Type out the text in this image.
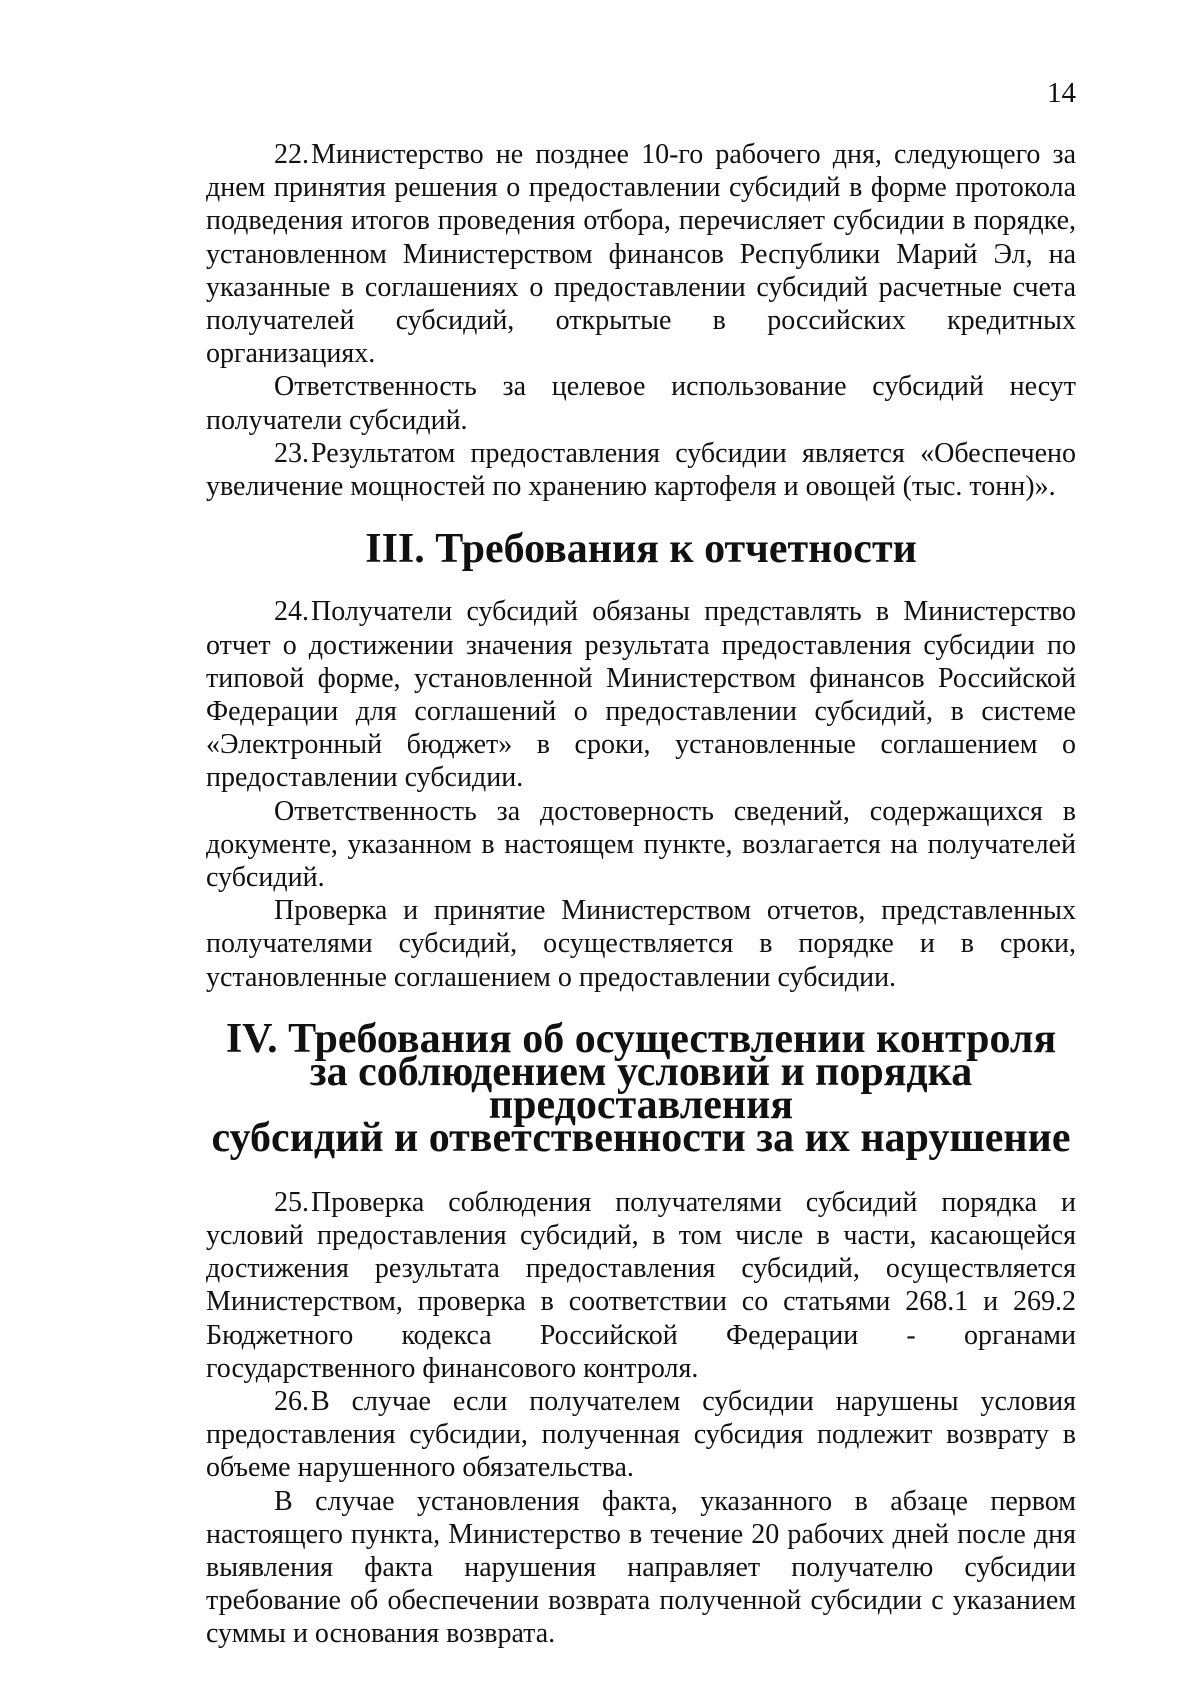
14

22.Министерство не позднее 10-го рабочего дня, следующего за днем принятия решения о предоставлении субсидий в форме протокола подведения итогов проведения отбора, перечисляет субсидии в порядке, установленном Министерством финансов Республики Марий Эл, на указанные в соглашениях о предоставлении субсидий расчетные счета получателей субсидий, открытые в российских кредитных организациях.

Ответственность за целевое использование субсидий несут получатели субсидий.

23.Результатом предоставления субсидии является «Обеспечено увеличение мощностей по хранению картофеля и овощей (тыс. тонн)».

III. Требования к отчетности

24.Получатели субсидий обязаны представлять в Министерство отчет о достижении значения результата предоставления субсидии по типовой форме, установленной Министерством финансов Российской Федерации для соглашений о предоставлении субсидий, в системе «Электронный бюджет» в сроки, установленные соглашением о предоставлении субсидии.

Ответственность за достоверность сведений, содержащихся в документе, указанном в настоящем пункте, возлагается на получателей субсидий.

Проверка и принятие Министерством отчетов, представленных получателями субсидий, осуществляется в порядке и в сроки, установленные соглашением о предоставлении субсидии.

IV. Требования об осуществлении контроля
за соблюдением условий и порядка предоставления
субсидий и ответственности за их нарушение

25.Проверка соблюдения получателями субсидий порядка и условий предоставления субсидий, в том числе в части, касающейся достижения результата предоставления субсидий, осуществляется Министерством, проверка в соответствии со статьями 268.1 и 269.2 Бюджетного кодекса Российской Федерации - органами государственного финансового контроля.

26.В случае если получателем субсидии нарушены условия предоставления субсидии, полученная субсидия подлежит возврату в объеме нарушенного обязательства.

В случае установления факта, указанного в абзаце первом настоящего пункта, Министерство в течение 20 рабочих дней после дня выявления факта нарушения направляет получателю субсидии требование об обеспечении возврата полученной субсидии с указанием суммы и основания возврата.
